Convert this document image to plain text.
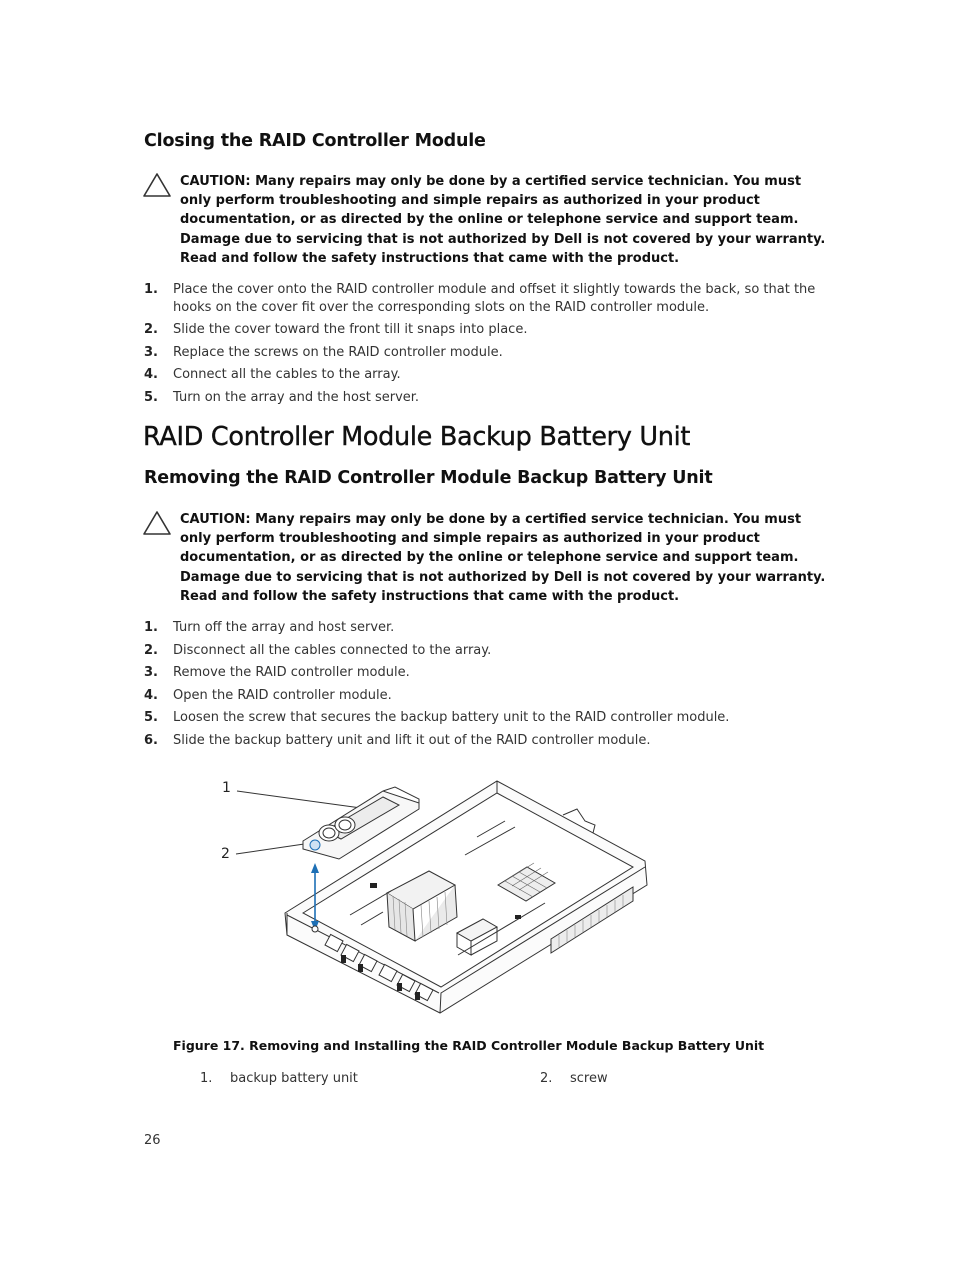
Closing the RAID Controller Module

CAUTION: Many repairs may only be done by a certified service technician. You must only perform troubleshooting and simple repairs as authorized in your product documentation, or as directed by the online or telephone service and support team. Damage due to servicing that is not authorized by Dell is not covered by your warranty. Read and follow the safety instructions that came with the product.

1. Place the cover onto the RAID controller module and offset it slightly towards the back, so that the hooks on the cover fit over the corresponding slots on the RAID controller module.
2. Slide the cover toward the front till it snaps into place.
3. Replace the screws on the RAID controller module.
4. Connect all the cables to the array.
5. Turn on the array and the host server.
RAID Controller Module Backup Battery Unit
Removing the RAID Controller Module Backup Battery Unit

CAUTION: Many repairs may only be done by a certified service technician. You must only perform troubleshooting and simple repairs as authorized in your product documentation, or as directed by the online or telephone service and support team. Damage due to servicing that is not authorized by Dell is not covered by your warranty. Read and follow the safety instructions that came with the product.

1. Turn off the array and host server.
2. Disconnect all the cables connected to the array.
3. Remove the RAID controller module.
4. Open the RAID controller module.
5. Loosen the screw that secures the backup battery unit to the RAID controller module.
6. Slide the backup battery unit and lift it out of the RAID controller module.
1
2

Figure 17. Removing and Installing the RAID Controller Module Backup Battery Unit

1. backup battery unit	2. screw
26
